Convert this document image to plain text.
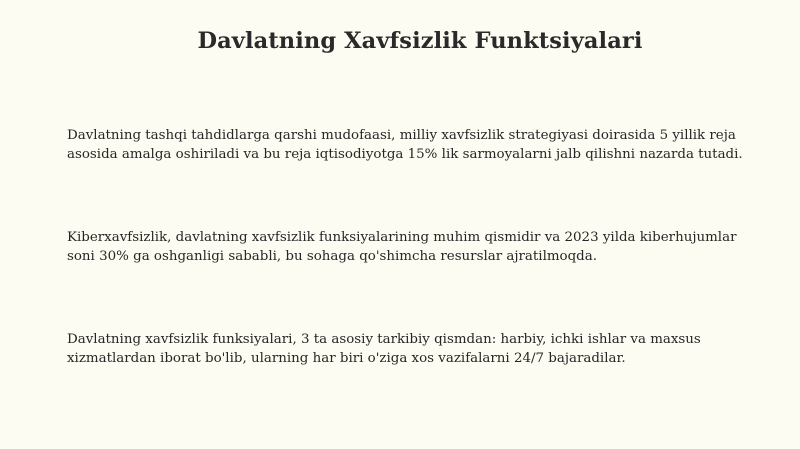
Davlatning Xavfsizlik Funktsiyalari

Davlatning tashqi tahdidlarga qarshi mudofaasi, milliy xavfsizlik strategiyasi doirasida 5 yillik reja asosida amalga oshiriladi va bu reja iqtisodiyotga 15% lik sarmoyalarni jalb qilishni nazarda tutadi.

Kiberxavfsizlik, davlatning xavfsizlik funksiyalarining muhim qismidir va 2023 yilda kiberhujumlar soni 30% ga oshganligi sababli, bu sohaga qo'shimcha resurslar ajratilmoqda.

Davlatning xavfsizlik funksiyalari, 3 ta asosiy tarkibiy qismdan: harbiy, ichki ishlar va maxsus xizmatlardan iborat bo'lib, ularning har biri o'ziga xos vazifalarni 24/7 bajaradilar.
